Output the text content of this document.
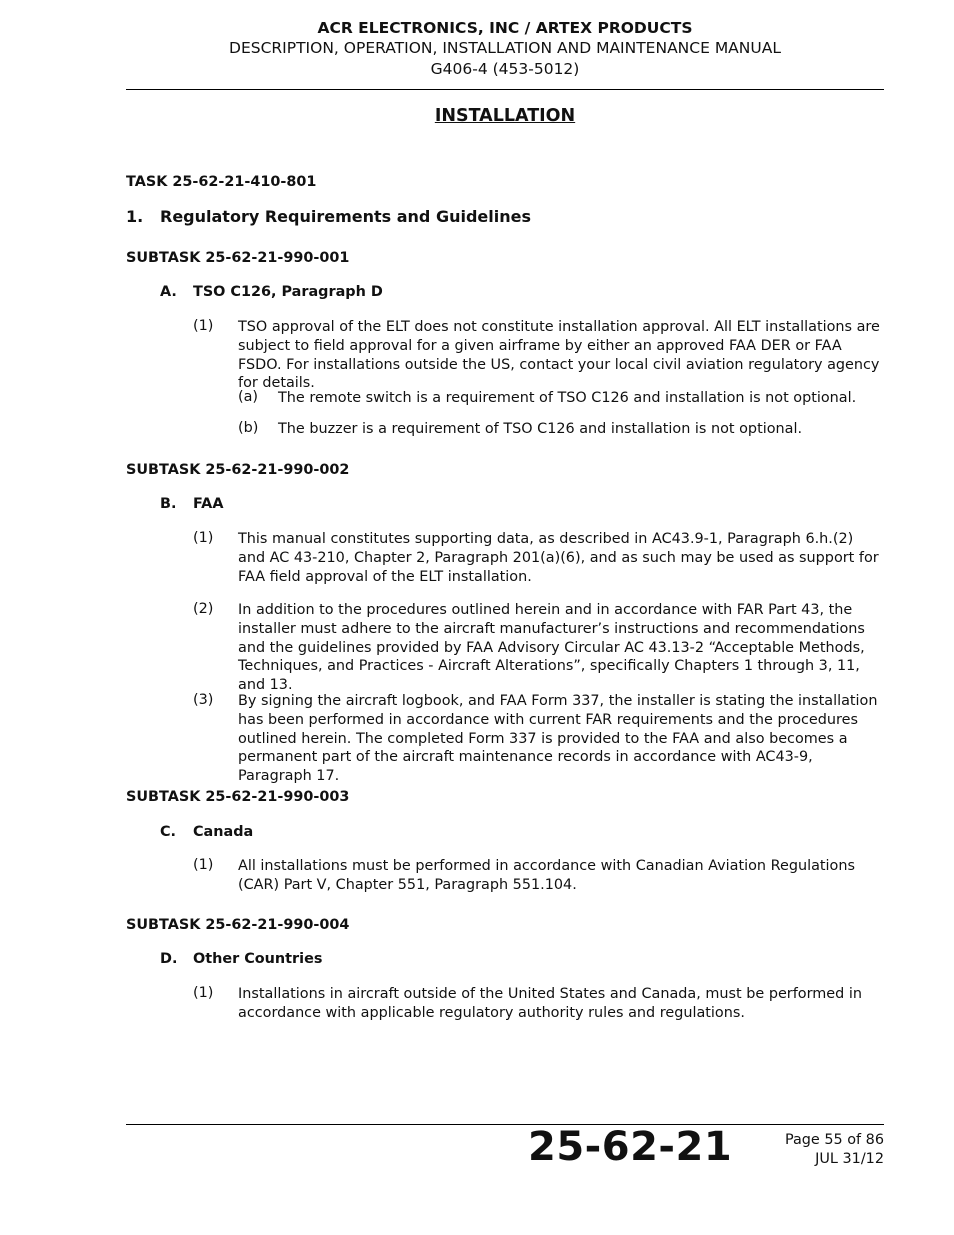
ACR ELECTRONICS, INC / ARTEX PRODUCTS
DESCRIPTION, OPERATION, INSTALLATION AND MAINTENANCE MANUAL
G406-4 (453-5012)
INSTALLATION
TASK 25-62-21-410-801
1. Regulatory Requirements and Guidelines
SUBTASK 25-62-21-990-001
A. TSO C126, Paragraph D
(1) TSO approval of the ELT does not constitute installation approval. All ELT installations are subject to field approval for a given airframe by either an approved FAA DER or FAA FSDO. For installations outside the US, contact your local civil aviation regulatory agency for details.
(a) The remote switch is a requirement of TSO C126 and installation is not optional.
(b) The buzzer is a requirement of TSO C126 and installation is not optional.
SUBTASK 25-62-21-990-002
B. FAA
(1) This manual constitutes supporting data, as described in AC43.9-1, Paragraph 6.h.(2) and AC 43-210, Chapter 2, Paragraph 201(a)(6), and as such may be used as support for FAA field approval of the ELT installation.
(2) In addition to the procedures outlined herein and in accordance with FAR Part 43, the installer must adhere to the aircraft manufacturer’s instructions and recommendations and the guidelines provided by FAA Advisory Circular AC 43.13-2 “Acceptable Methods, Techniques, and Practices - Aircraft Alterations”, specifically Chapters 1 through 3, 11, and 13.
(3) By signing the aircraft logbook, and FAA Form 337, the installer is stating the installation has been performed in accordance with current FAR requirements and the procedures outlined herein. The completed Form 337 is provided to the FAA and also becomes a permanent part of the aircraft maintenance records in accordance with AC43-9, Paragraph 17.
SUBTASK 25-62-21-990-003
C. Canada
(1) All installations must be performed in accordance with Canadian Aviation Regulations (CAR) Part V, Chapter 551, Paragraph 551.104.
SUBTASK 25-62-21-990-004
D. Other Countries
(1) Installations in aircraft outside of the United States and Canada, must be performed in accordance with applicable regulatory authority rules and regulations.
25-62-21	Page 55 of 86
JUL 31/12
